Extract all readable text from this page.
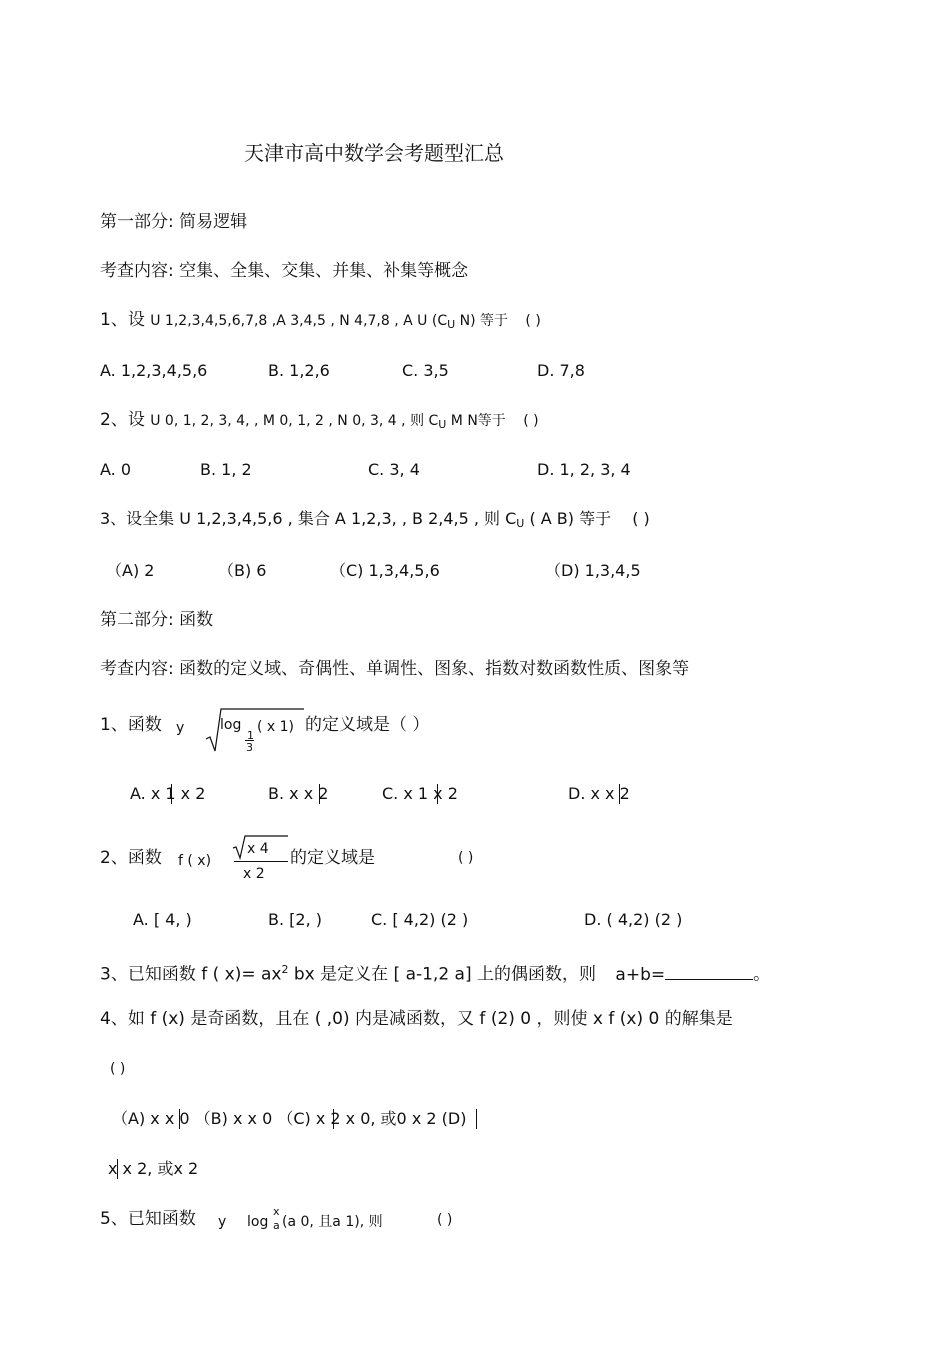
天津市高中数学会考题型汇总
第一部分: 简易逻辑
考查内容: 空集、全集、交集、并集、补集等概念
1、设 U 1,2,3,4,5,6,7,8 ,A 3,4,5 , N 4,7,8 , A U (CU N) 等于 ( )
A. 1,2,3,4,5,6	B. 1,2,6	C. 3,5	D. 7,8
2、设 U 0, 1, 2, 3, 4, , M 0, 1, 2 , N 0, 3, 4 , 则 CU M N等于 ( )
A. 0	B. 1, 2	C. 3, 4	D. 1, 2, 3, 4
3、设全集 U 1,2,3,4,5,6 , 集合 A 1,2,3, , B 2,4,5 , 则 CU ( A B) 等于 ( )
（A) 2	（B) 6	（C) 1,3,4,5,6	（D) 1,3,4,5
第二部分: 函数
考查内容: 函数的定义域、奇偶性、单调性、图象、指数对数函数性质、图象等
1、函数 y	log
1
3
( x 1) 的定义域是（ ）
A. x 1 x 2	B. x x 2	C. x 1 x 2	D. x x 2
2、函数 f ( x)
x 4
x 2
的定义域是	( )
A. [ 4, )	B. [2, )	C. [ 4,2) (2 )	D. ( 4,2) (2 )
3、已知函数 f ( $x)= ax^2$ bx 是定义在 [ a-1,2 a] 上的偶函数，则 a+b=	。
4、如 f (x) 是奇函数，且在 ( ,0) 内是减函数，又 f (2) 0 ，则使 x f (x) 0 的解集是
( )
（A) x x 0 （B) x x 0 （C) x 2 x 0, 或0 x 2 (D)
x x 2, 或x 2
5、已知函数 y log
x
a (a 0, 且a 1), 则	( )
